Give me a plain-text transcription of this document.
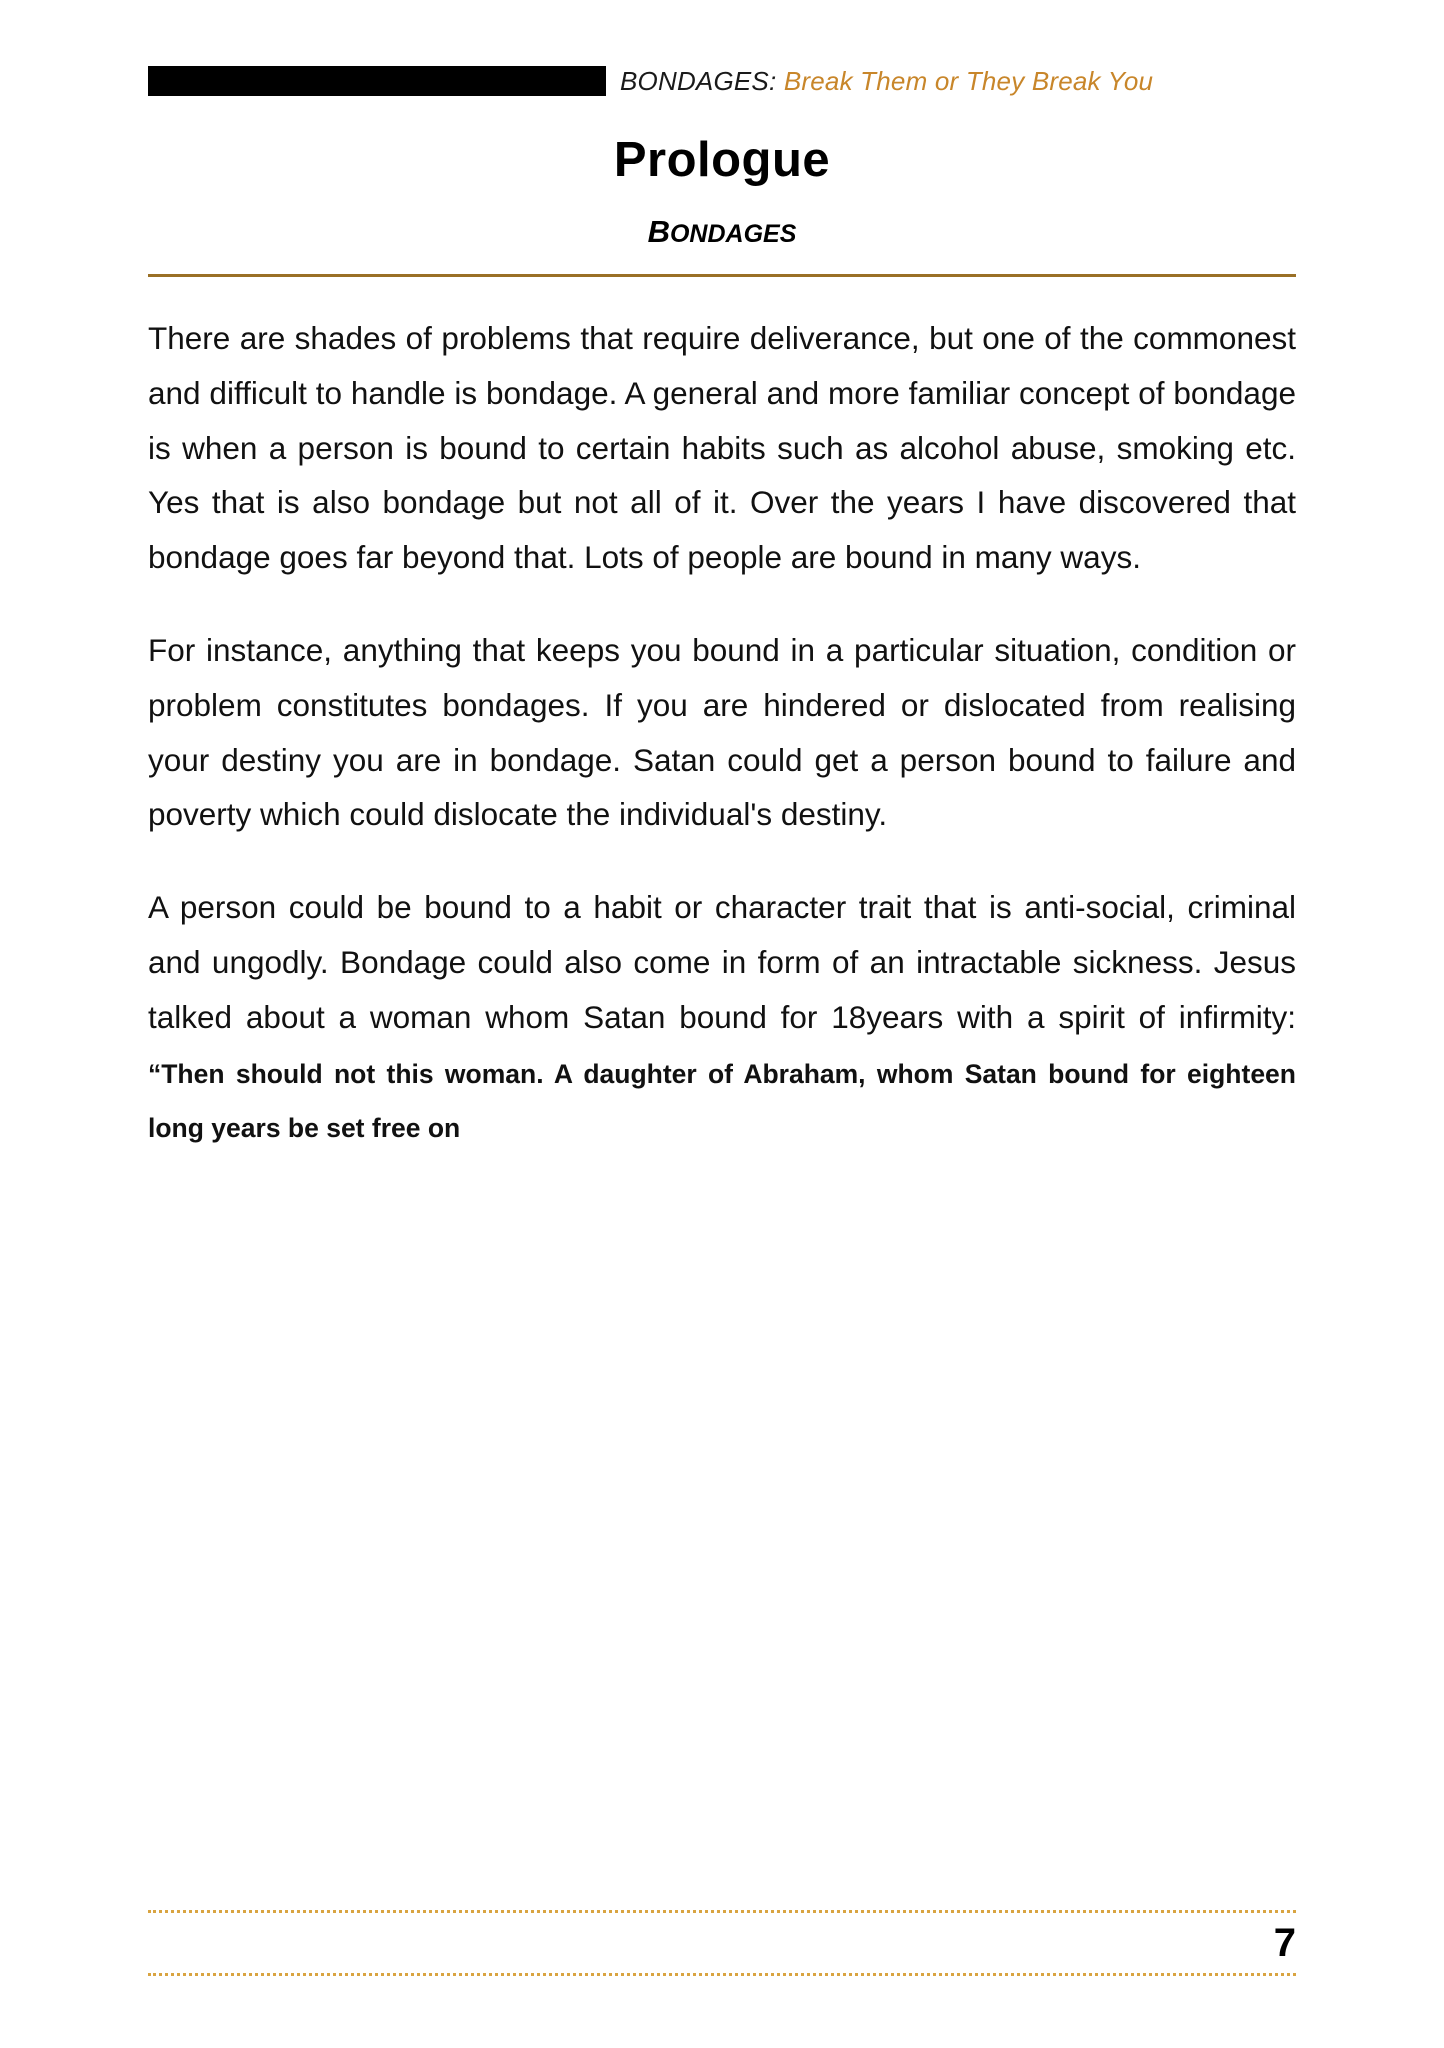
BONDAGES: Break Them or They Break You
Prologue
BONDAGES

There are shades of problems that require deliverance, but one of the commonest and difficult to handle is bondage. A general and more familiar concept of bondage is when a person is bound to certain habits such as alcohol abuse, smoking etc. Yes that is also bondage but not all of it. Over the years I have discovered that bondage goes far beyond that. Lots of people are bound in many ways.

For instance, anything that keeps you bound in a particular situation, condition or problem constitutes bondages. If you are hindered or dislocated from realising your destiny you are in bondage. Satan could get a person bound to failure and poverty which could dislocate the individual's destiny.

A person could be bound to a habit or character trait that is anti-social, criminal and ungodly. Bondage could also come in form of an intractable sickness. Jesus talked about a woman whom Satan bound for 18years with a spirit of infirmity: “Then should not this woman. A daughter of Abraham, whom Satan bound for eighteen long years be set free on

7
